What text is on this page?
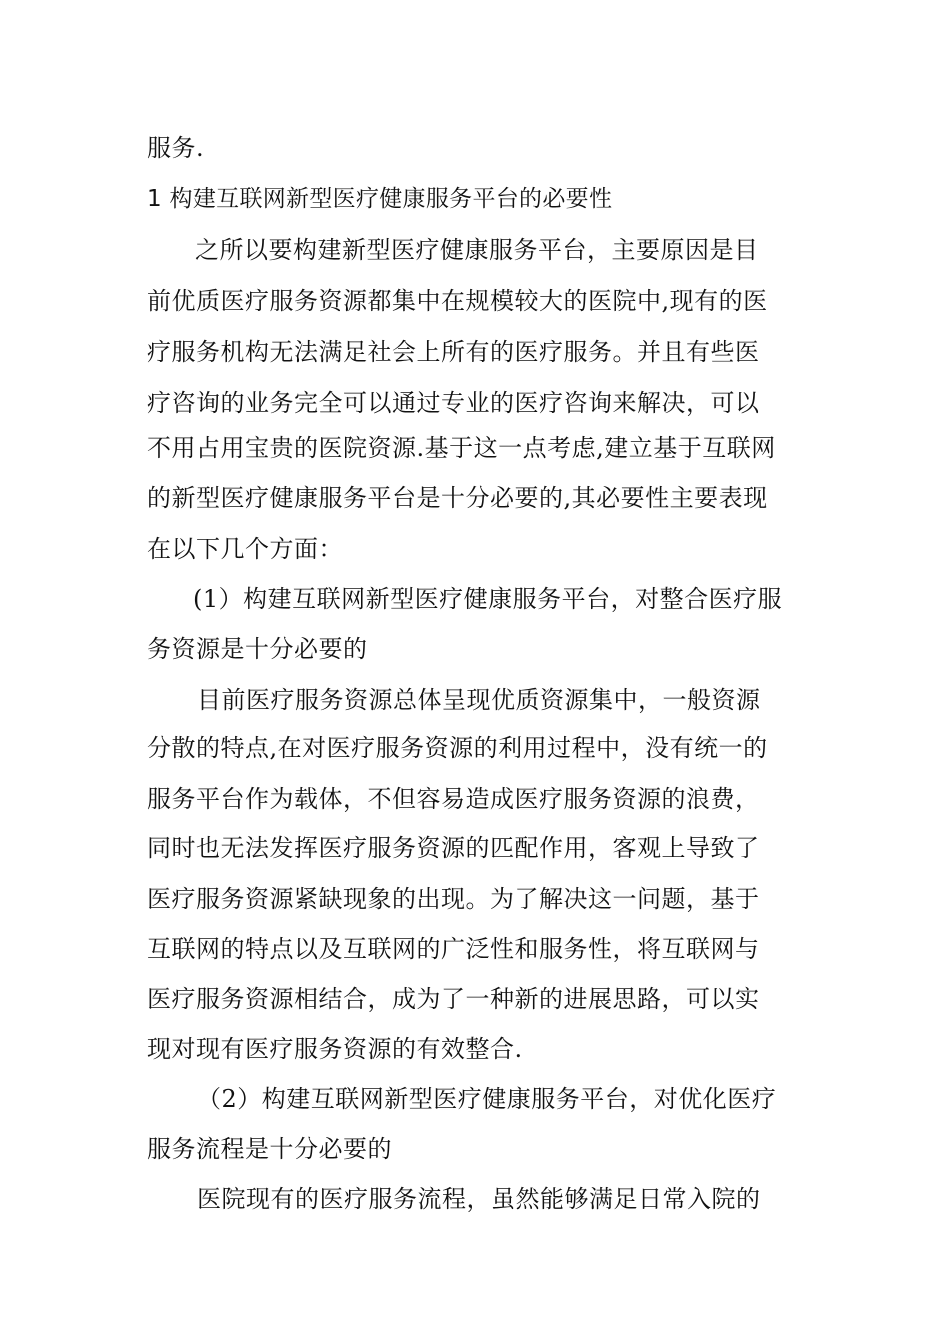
服务.
1 构建互联网新型医疗健康服务平台的必要性
之所以要构建新型医疗健康服务平台，主要原因是目
前优质医疗服务资源都集中在规模较大的医院中,现有的医
疗服务机构无法满足社会上所有的医疗服务。并且有些医
疗咨询的业务完全可以通过专业的医疗咨询来解决，可以
不用占用宝贵的医院资源.基于这一点考虑,建立基于互联网
的新型医疗健康服务平台是十分必要的,其必要性主要表现
在以下几个方面：
(1）构建互联网新型医疗健康服务平台，对整合医疗服
务资源是十分必要的
目前医疗服务资源总体呈现优质资源集中，一般资源
分散的特点,在对医疗服务资源的利用过程中，没有统一的
服务平台作为载体，不但容易造成医疗服务资源的浪费，
同时也无法发挥医疗服务资源的匹配作用，客观上导致了
医疗服务资源紧缺现象的出现。为了解决这一问题，基于
互联网的特点以及互联网的广泛性和服务性，将互联网与
医疗服务资源相结合，成为了一种新的进展思路，可以实
现对现有医疗服务资源的有效整合.
（2）构建互联网新型医疗健康服务平台，对优化医疗
服务流程是十分必要的
医院现有的医疗服务流程，虽然能够满足日常入院的
